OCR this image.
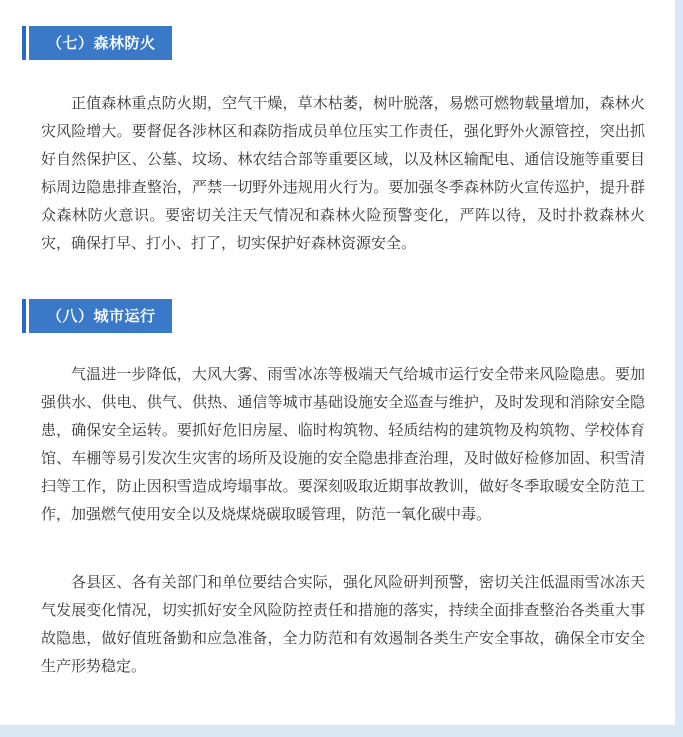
（七）森林防火

正值森林重点防火期，空气干燥，草木枯萎，树叶脱落，易燃可燃物载量增加，森林火灾风险增大。要督促各涉林区和森防指成员单位压实工作责任，强化野外火源管控，突出抓好自然保护区、公墓、坟场、林农结合部等重要区域，以及林区输配电、通信设施等重要目标周边隐患排查整治，严禁一切野外违规用火行为。要加强冬季森林防火宣传巡护，提升群众森林防火意识。要密切关注天气情况和森林火险预警变化，严阵以待，及时扑救森林火灾，确保打早、打小、打了，切实保护好森林资源安全。

（八）城市运行

气温进一步降低，大风大雾、雨雪冰冻等极端天气给城市运行安全带来风险隐患。要加强供水、供电、供气、供热、通信等城市基础设施安全巡查与维护，及时发现和消除安全隐患，确保安全运转。要抓好危旧房屋、临时构筑物、轻质结构的建筑物及构筑物、学校体育馆、车棚等易引发次生灾害的场所及设施的安全隐患排查治理，及时做好检修加固、积雪清扫等工作，防止因积雪造成垮塌事故。要深刻吸取近期事故教训，做好冬季取暖安全防范工作，加强燃气使用安全以及烧煤烧碳取暖管理，防范一氧化碳中毒。

各县区、各有关部门和单位要结合实际，强化风险研判预警，密切关注低温雨雪冰冻天气发展变化情况，切实抓好安全风险防控责任和措施的落实，持续全面排查整治各类重大事故隐患，做好值班备勤和应急准备，全力防范和有效遏制各类生产安全事故，确保全市安全生产形势稳定。
